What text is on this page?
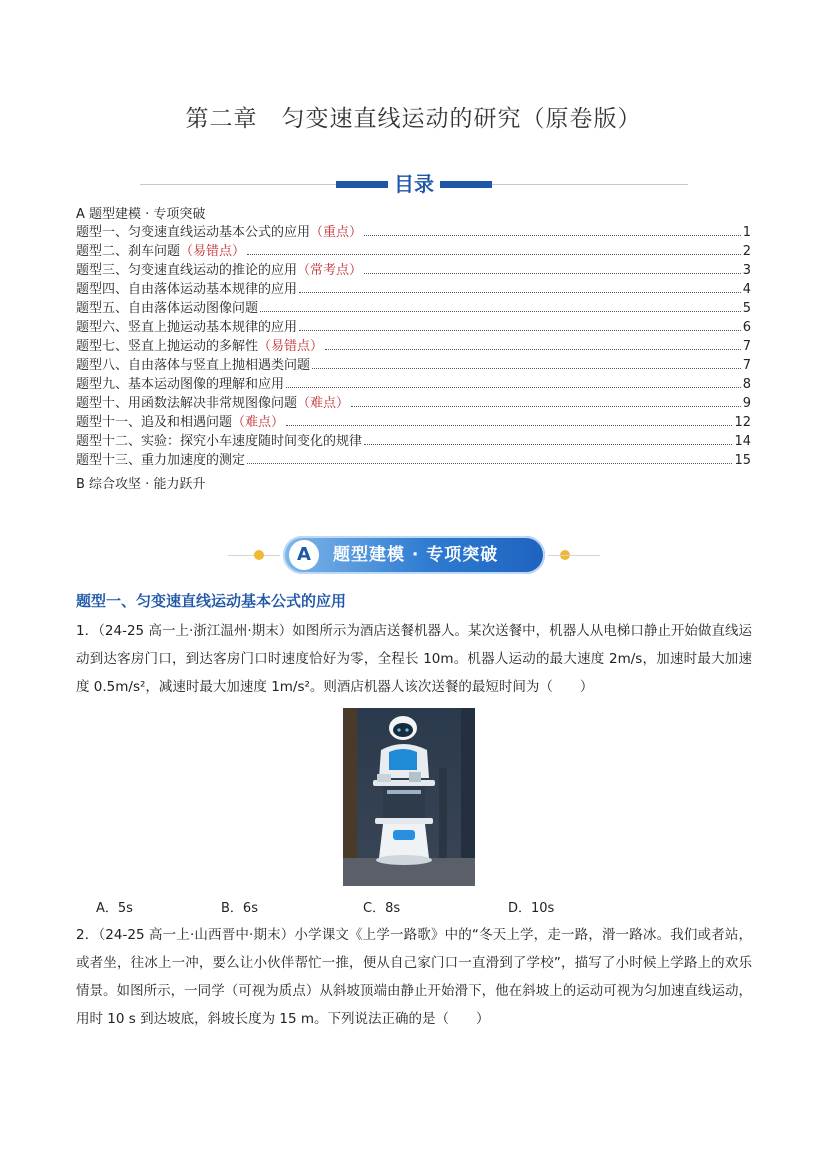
第二章　匀变速直线运动的研究（原卷版）
目录
A 题型建模 · 专项突破
题型一、匀变速直线运动基本公式的应用 （重点）	1
题型二、刹车问题 （易错点）	2
题型三、匀变速直线运动的推论的应用 （常考点）	3
题型四、自由落体运动基本规律的应用	4
题型五、自由落体运动图像问题	5
题型六、竖直上抛运动基本规律的应用	6
题型七、竖直上抛运动的多解性 （易错点）	7
题型八、自由落体与竖直上抛相遇类问题	7
题型九、基本运动图像的理解和应用	8
题型十、用函数法解决非常规图像问题 （难点）	9
题型十一、追及和相遇问题 （难点）	12
题型十二、实验：探究小车速度随时间变化的规律	14
题型十三、重力加速度的测定	15
B 综合攻坚 · 能力跃升
A	题型建模 · 专项突破
题型一、匀变速直线运动基本公式的应用

1．（24-25 高一上·浙江温州·期末）如图所示为酒店送餐机器人。某次送餐中，机器人从电梯口静止开始做直线运动到达客房门口，到达客房门口时速度恰好为零，全程长 10m。机器人运动的最大速度 2m/s，加速时最大加速度 0.5m/s²，减速时最大加速度 1m/s²。则酒店机器人该次送餐的最短时间为（　　）

A．5s	B．6s	C．8s	D．10s

2．（24-25 高一上·山西晋中·期末）小学课文《上学一路歌》中的“冬天上学，走一路，滑一路冰。我们或者站，或者坐，往冰上一冲，要么让小伙伴帮忙一推，便从自己家门口一直滑到了学校”，描写了小时候上学路上的欢乐情景。如图所示，一同学（可视为质点）从斜坡顶端由静止开始滑下，他在斜坡上的运动可视为匀加速直线运动，用时 10 s 到达坡底，斜坡长度为 15 m。下列说法正确的是（　　）
